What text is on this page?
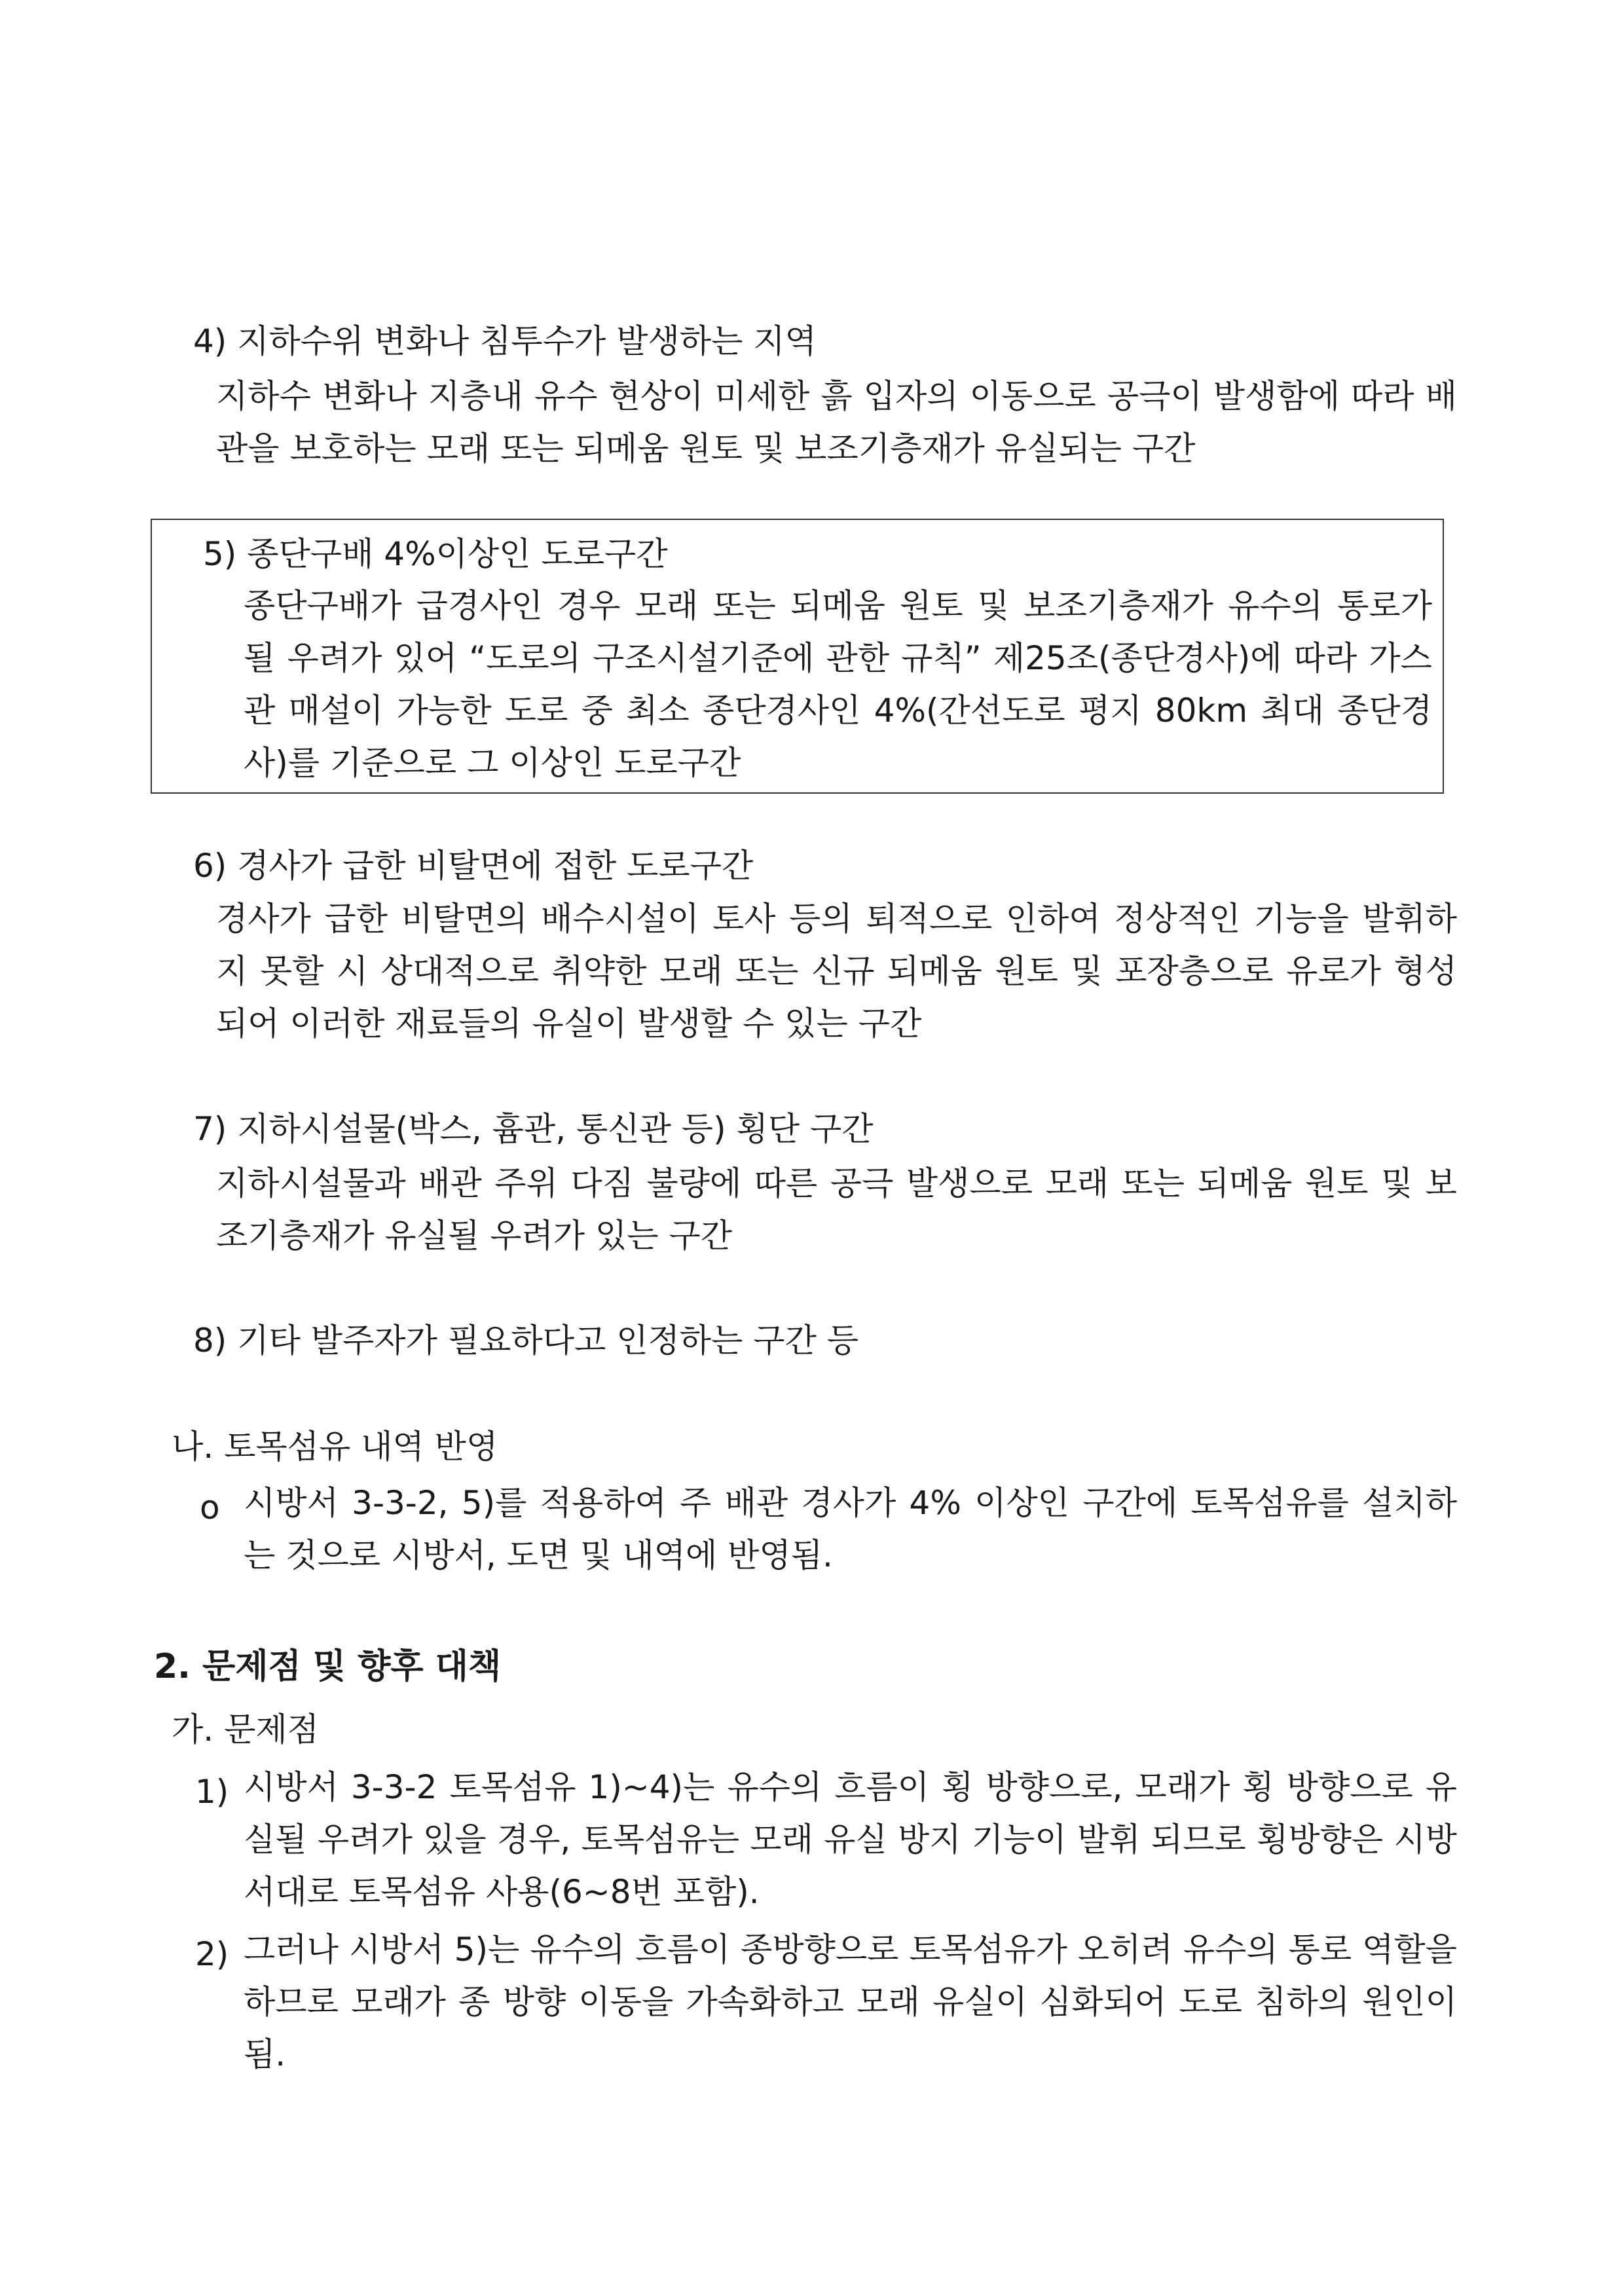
4) 지하수위 변화나 침투수가 발생하는 지역
지하수 변화나 지층내 유수 현상이 미세한 흙 입자의 이동으로 공극이 발생함에 따라 배관을 보호하는 모래 또는 되메움 원토 및 보조기층재가 유실되는 구간
5) 종단구배 4%이상인 도로구간
종단구배가 급경사인 경우 모래 또는 되메움 원토 및 보조기층재가 유수의 통로가 될 우려가 있어 “도로의 구조시설기준에 관한 규칙” 제25조(종단경사)에 따라 가스관 매설이 가능한 도로 중 최소 종단경사인 4%(간선도로 평지 80km 최대 종단경사)를 기준으로 그 이상인 도로구간
6) 경사가 급한 비탈면에 접한 도로구간
경사가 급한 비탈면의 배수시설이 토사 등의 퇴적으로 인하여 정상적인 기능을 발휘하지 못할 시 상대적으로 취약한 모래 또는 신규 되메움 원토 및 포장층으로 유로가 형성되어 이러한 재료들의 유실이 발생할 수 있는 구간
7) 지하시설물(박스, 흄관, 통신관 등) 횡단 구간
지하시설물과 배관 주위 다짐 불량에 따른 공극 발생으로 모래 또는 되메움 원토 및 보조기층재가 유실될 우려가 있는 구간
8) 기타 발주자가 필요하다고 인정하는 구간 등
나. 토목섬유 내역 반영
o 시방서 3-3-2, 5)를 적용하여 주 배관 경사가 4% 이상인 구간에 토목섬유를 설치하는 것으로 시방서, 도면 및 내역에 반영됨.
2. 문제점 및 향후 대책
가. 문제점
1) 시방서 3-3-2 토목섬유 1)~4)는 유수의 흐름이 횡 방향으로, 모래가 횡 방향으로 유실될 우려가 있을 경우, 토목섬유는 모래 유실 방지 기능이 발휘 되므로 횡방향은 시방서대로 토목섬유 사용(6~8번 포함).
2) 그러나 시방서 5)는 유수의 흐름이 종방향으로 토목섬유가 오히려 유수의 통로 역할을 하므로 모래가 종 방향 이동을 가속화하고 모래 유실이 심화되어 도로 침하의 원인이 됨.
